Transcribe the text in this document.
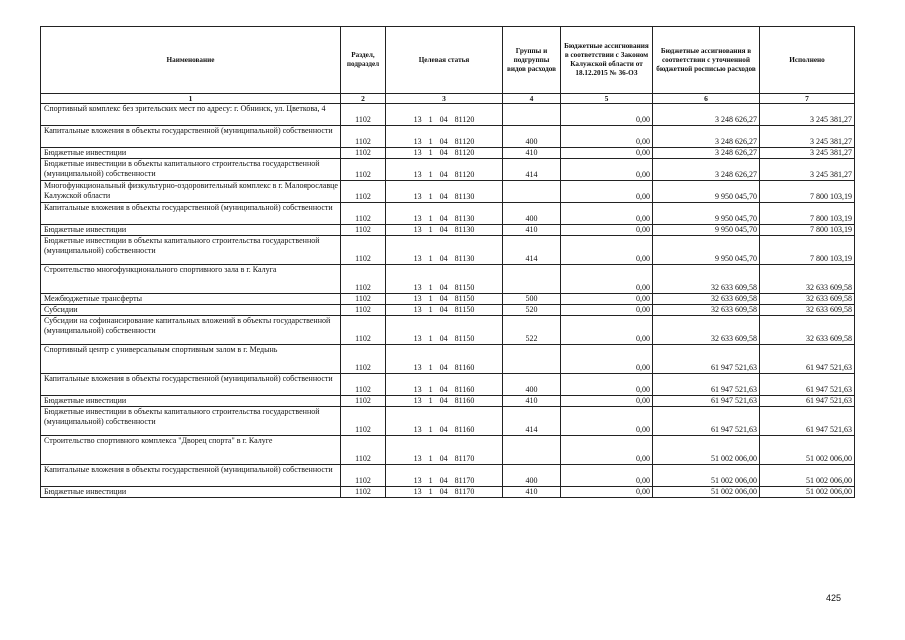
Наименование	Раздел, подраздел	Целевая статья	Группы и подгруппы видов расходов	Бюджетные ассигнования в соответствии с Законом Калужской области от 18.12.2015 № 36-ОЗ	Бюджетные ассигнования в соответствии с уточненной бюджетной росписью расходов	Исполнено
1	2	3	4	5	6	7

Спортивный комплекс без зрительских мест по адресу: г. Обнинск, ул. Цветкова, 4	1102	13 1 04 81120		0,00	3 248 626,27	3 245 381,27

Капитальные вложения в объекты государственной (муниципальной) собственности	1102	13 1 04 81120	400	0,00	3 248 626,27	3 245 381,27

Бюджетные инвестиции	1102	13 1 04 81120	410	0,00	3 248 626,27	3 245 381,27

Бюджетные инвестиции в объекты капитального строительства государственной (муниципальной) собственности	1102	13 1 04 81120	414	0,00	3 248 626,27	3 245 381,27

Многофункциональный физкультурно-оздоровительный комплекс в г. Малоярославце Калужской области	1102	13 1 04 81130		0,00	9 950 045,70	7 800 103,19

Капитальные вложения в объекты государственной (муниципальной) собственности	1102	13 1 04 81130	400	0,00	9 950 045,70	7 800 103,19

Бюджетные инвестиции	1102	13 1 04 81130	410	0,00	9 950 045,70	7 800 103,19

Бюджетные инвестиции в объекты капитального строительства государственной (муниципальной) собственности	1102	13 1 04 81130	414	0,00	9 950 045,70	7 800 103,19

Строительство многофункционального спортивного зала в г. Калуга	1102	13 1 04 81150		0,00	32 633 609,58	32 633 609,58

Межбюджетные трансферты	1102	13 1 04 81150	500	0,00	32 633 609,58	32 633 609,58

Субсидии	1102	13 1 04 81150	520	0,00	32 633 609,58	32 633 609,58

Субсидии на софинансирование капитальных вложений в объекты государственной (муниципальной) собственности	1102	13 1 04 81150	522	0,00	32 633 609,58	32 633 609,58

Спортивный центр с универсальным спортивным залом в г. Медынь	1102	13 1 04 81160		0,00	61 947 521,63	61 947 521,63

Капитальные вложения в объекты государственной (муниципальной) собственности	1102	13 1 04 81160	400	0,00	61 947 521,63	61 947 521,63

Бюджетные инвестиции	1102	13 1 04 81160	410	0,00	61 947 521,63	61 947 521,63

Бюджетные инвестиции в объекты капитального строительства государственной (муниципальной) собственности	1102	13 1 04 81160	414	0,00	61 947 521,63	61 947 521,63

Строительство спортивного комплекса "Дворец спорта" в г. Калуге	1102	13 1 04 81170		0,00	51 002 006,00	51 002 006,00

Капитальные вложения в объекты государственной (муниципальной) собственности	1102	13 1 04 81170	400	0,00	51 002 006,00	51 002 006,00

Бюджетные инвестиции	1102	13 1 04 81170	410	0,00	51 002 006,00	51 002 006,00
425
